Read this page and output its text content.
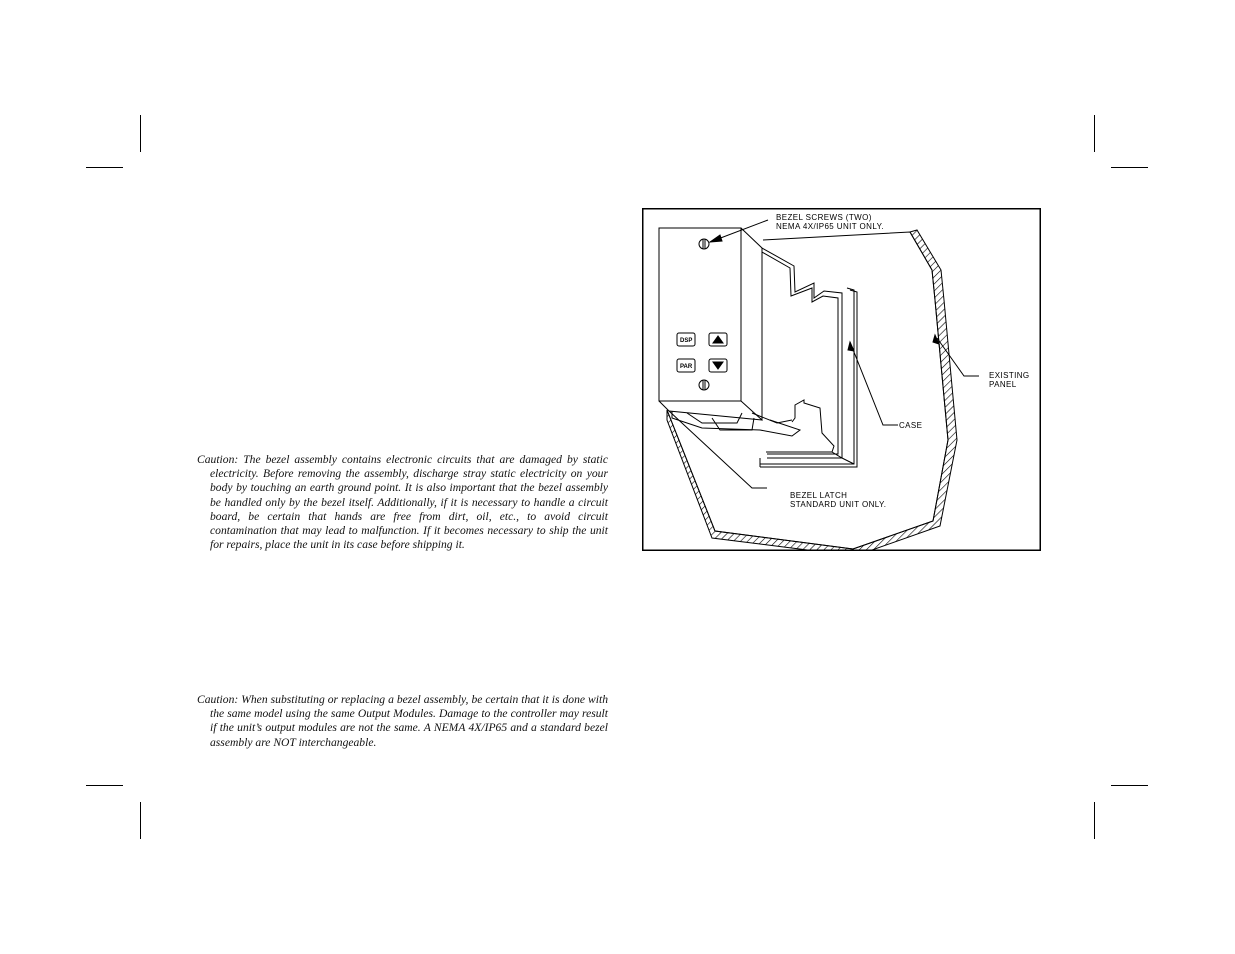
Caution: The bezel assembly contains electronic circuits that are damaged by static electricity. Before removing the assembly, discharge stray static electricity on your body by touching an earth ground point. It is also important that the bezel assembly be handled only by the bezel itself. Additionally, if it is necessary to handle a circuit board, be certain that hands are free from dirt, oil, etc., to avoid circuit contamination that may lead to malfunction. If it becomes necessary to ship the unit for repairs, place the unit in its case before shipping it.

Caution: When substituting or replacing a bezel assembly, be certain that it is done with the same model using the same Output Modules. Damage to the controller may result if the unit’s output modules are not the same. A NEMA 4X/IP65 and a standard bezel assembly are NOT interchangeable.

DSP
PAR
BEZEL SCREWS (TWO)
NEMA 4X/IP65 UNIT ONLY.
EXISTING
PANEL
CASE
BEZEL LATCH
STANDARD UNIT ONLY.
